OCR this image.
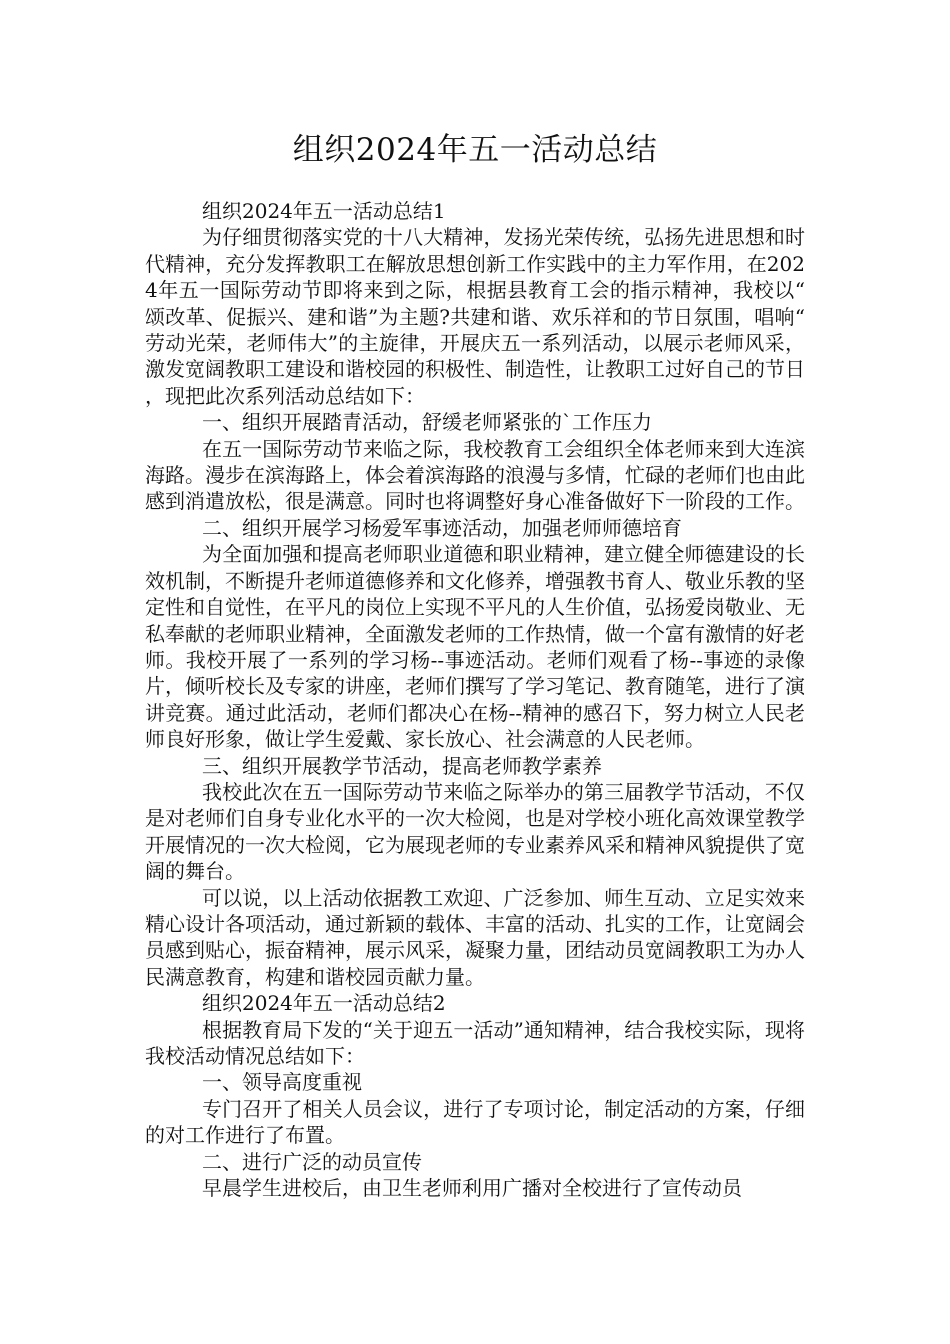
组织2024年五一活动总结

组织2024年五一活动总结1

为仔细贯彻落实党的十八大精神，发扬光荣传统，弘扬先进思想和时代精神，充分发挥教职工在解放思想创新工作实践中的主力军作用，在2024年五一国际劳动节即将来到之际，根据县教育工会的指示精神，我校以“颂改革、促振兴、建和谐”为主题?共建和谐、欢乐祥和的节日氛围，唱响“劳动光荣，老师伟大”的主旋律，开展庆五一系列活动，以展示老师风采，激发宽阔教职工建设和谐校园的积极性、制造性，让教职工过好自己的节日，现把此次系列活动总结如下：

一、组织开展踏青活动，舒缓老师紧张的`工作压力

在五一国际劳动节来临之际，我校教育工会组织全体老师来到大连滨海路。漫步在滨海路上，体会着滨海路的浪漫与多情，忙碌的老师们也由此感到消遣放松，很是满意。同时也将调整好身心准备做好下一阶段的工作。

二、组织开展学习杨爱军事迹活动，加强老师师德培育

为全面加强和提高老师职业道德和职业精神，建立健全师德建设的长效机制，不断提升老师道德修养和文化修养，增强教书育人、敬业乐教的坚定性和自觉性，在平凡的岗位上实现不平凡的人生价值，弘扬爱岗敬业、无私奉献的老师职业精神，全面激发老师的工作热情，做一个富有激情的好老师。我校开展了一系列的学习杨--事迹活动。老师们观看了杨--事迹的录像片，倾听校长及专家的讲座，老师们撰写了学习笔记、教育随笔，进行了演讲竞赛。通过此活动，老师们都决心在杨--精神的感召下，努力树立人民老师良好形象，做让学生爱戴、家长放心、社会满意的人民老师。

三、组织开展教学节活动，提高老师教学素养

我校此次在五一国际劳动节来临之际举办的第三届教学节活动，不仅是对老师们自身专业化水平的一次大检阅，也是对学校小班化高效课堂教学开展情况的一次大检阅，它为展现老师的专业素养风采和精神风貌提供了宽阔的舞台。

可以说，以上活动依据教工欢迎、广泛参加、师生互动、立足实效来精心设计各项活动，通过新颖的载体、丰富的活动、扎实的工作，让宽阔会员感到贴心，振奋精神，展示风采，凝聚力量，团结动员宽阔教职工为办人民满意教育，构建和谐校园贡献力量。

组织2024年五一活动总结2

根据教育局下发的“关于迎五一活动”通知精神，结合我校实际，现将我校活动情况总结如下：

一、领导高度重视

专门召开了相关人员会议，进行了专项讨论，制定活动的方案，仔细的对工作进行了布置。

二、进行广泛的动员宣传

早晨学生进校后，由卫生老师利用广播对全校进行了宣传动员
